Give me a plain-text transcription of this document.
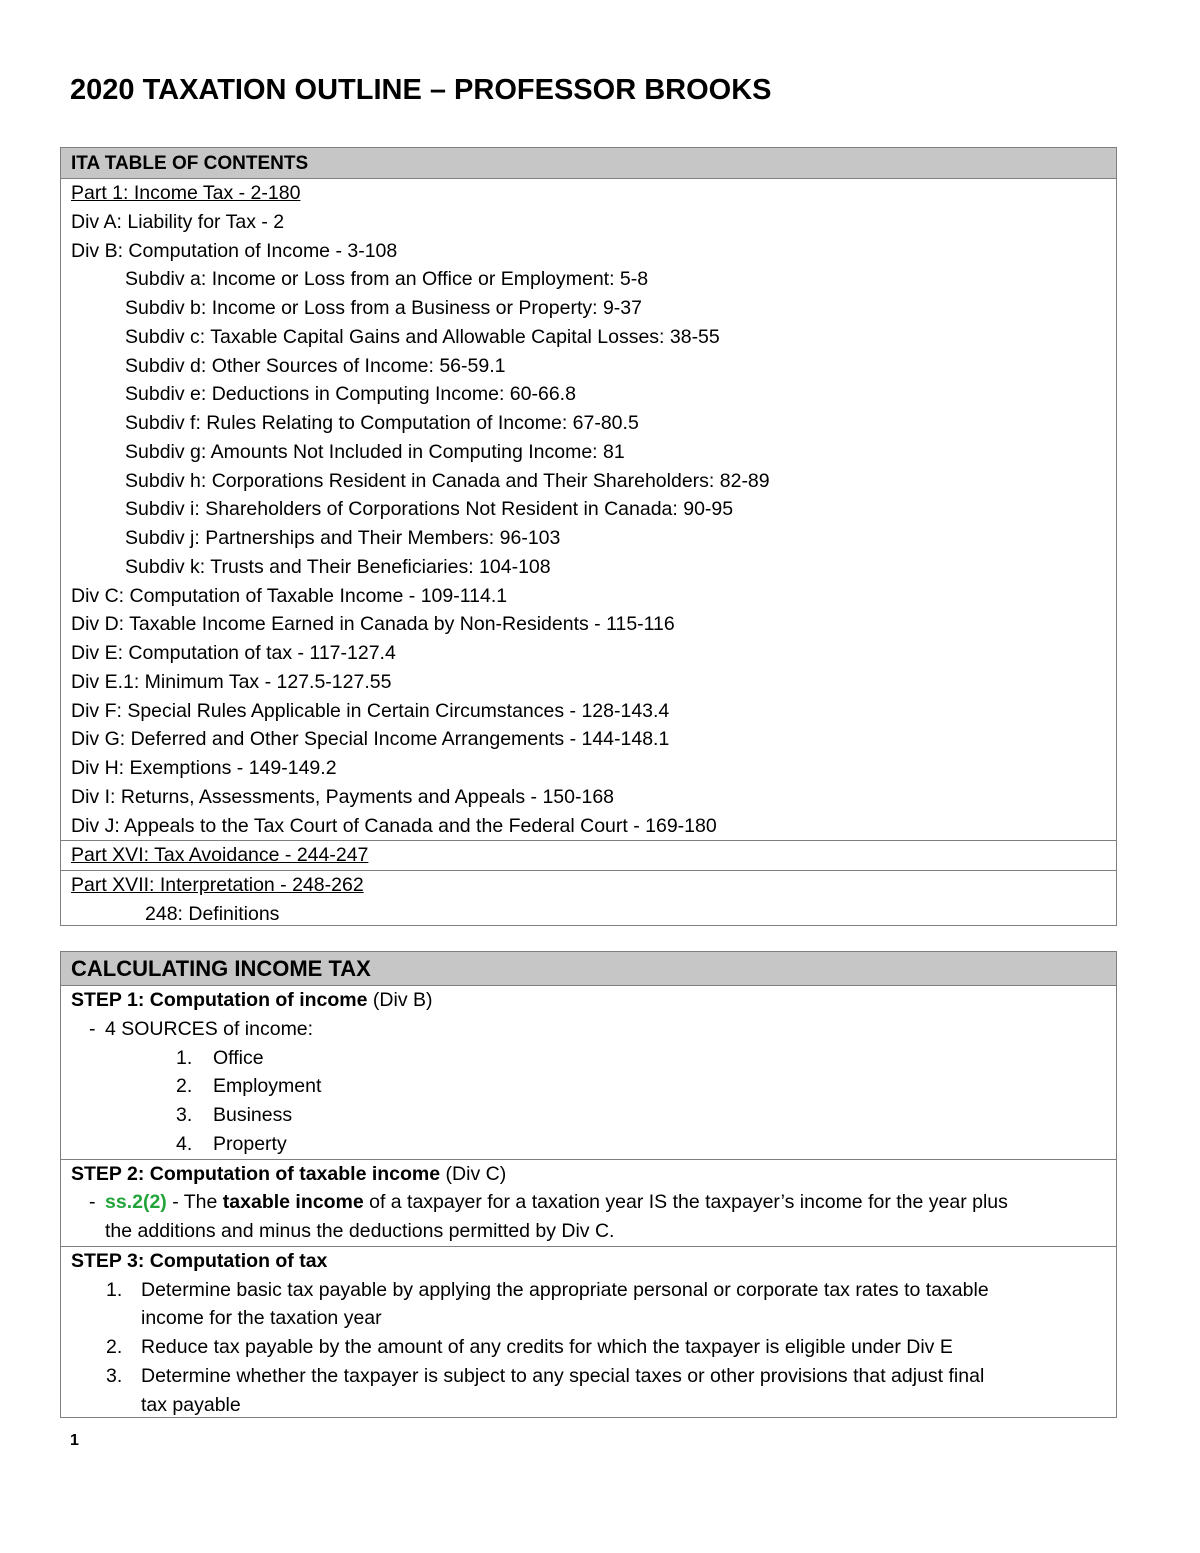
2020 TAXATION OUTLINE – PROFESSOR BROOKS
ITA TABLE OF CONTENTS
Part 1: Income Tax - 2-180
Div A: Liability for Tax - 2
Div B: Computation of Income - 3-108
Subdiv a: Income or Loss from an Office or Employment: 5-8
Subdiv b: Income or Loss from a Business or Property: 9-37
Subdiv c: Taxable Capital Gains and Allowable Capital Losses: 38-55
Subdiv d: Other Sources of Income: 56-59.1
Subdiv e: Deductions in Computing Income: 60-66.8
Subdiv f: Rules Relating to Computation of Income: 67-80.5
Subdiv g: Amounts Not Included in Computing Income: 81
Subdiv h: Corporations Resident in Canada and Their Shareholders: 82-89
Subdiv i: Shareholders of Corporations Not Resident in Canada: 90-95
Subdiv j: Partnerships and Their Members: 96-103
Subdiv k: Trusts and Their Beneficiaries: 104-108
Div C: Computation of Taxable Income - 109-114.1
Div D: Taxable Income Earned in Canada by Non-Residents - 115-116
Div E: Computation of tax - 117-127.4
Div E.1: Minimum Tax - 127.5-127.55
Div F: Special Rules Applicable in Certain Circumstances - 128-143.4
Div G: Deferred and Other Special Income Arrangements - 144-148.1
Div H: Exemptions - 149-149.2
Div I: Returns, Assessments, Payments and Appeals - 150-168
Div J: Appeals to the Tax Court of Canada and the Federal Court - 169-180
Part XVI: Tax Avoidance - 244-247
Part XVII: Interpretation - 248-262
248: Definitions
CALCULATING INCOME TAX
STEP 1: Computation of income (Div B)
- 4 SOURCES of income:
1. Office
2. Employment
3. Business
4. Property
STEP 2: Computation of taxable income (Div C)
- ss.2(2) - The taxable income of a taxpayer for a taxation year IS the taxpayer’s income for the year plus
the additions and minus the deductions permitted by Div C.
STEP 3: Computation of tax
1. Determine basic tax payable by applying the appropriate personal or corporate tax rates to taxable
income for the taxation year
2. Reduce tax payable by the amount of any credits for which the taxpayer is eligible under Div E
3. Determine whether the taxpayer is subject to any special taxes or other provisions that adjust final
tax payable
1
